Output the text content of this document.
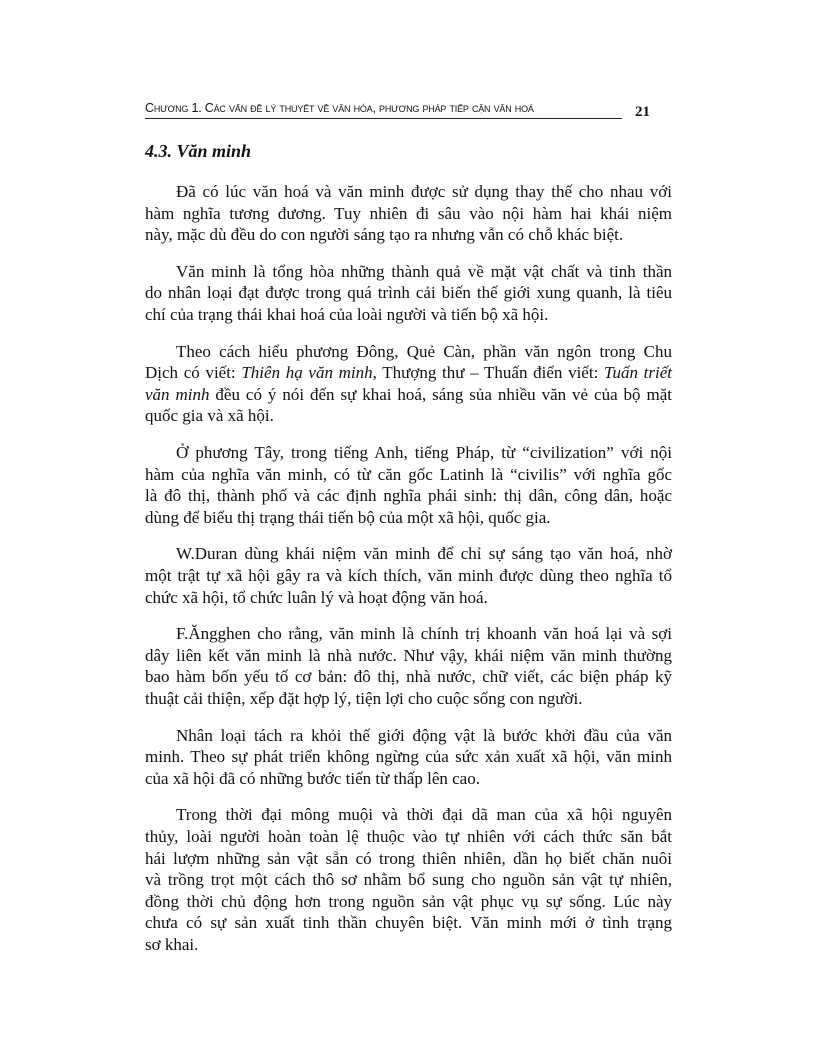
Chương 1. Các vấn đề lý thuyết về văn hóa, phương pháp tiếp cận văn hoá	21
4.3. Văn minh
Đã có lúc văn hoá và văn minh được sử dụng thay thế cho nhau với
hàm nghĩa tương đương. Tuy nhiên đi sâu vào nội hàm hai khái niệm
này, mặc dù đều do con người sáng tạo ra nhưng vẫn có chỗ khác biệt.
Văn minh là tổng hòa những thành quả về mặt vật chất và tinh thần
do nhân loại đạt được trong quá trình cải biến thế giới xung quanh, là tiêu
chí của trạng thái khai hoá của loài người và tiến bộ xã hội.
Theo cách hiểu phương Đông, Quẻ Càn, phần văn ngôn trong Chu
Dịch có viết: Thiên hạ văn minh, Thượng thư – Thuấn điển viết: Tuấn triết
văn minh đều có ý nói đến sự khai hoá, sáng sủa nhiều văn vẻ của bộ mặt
quốc gia và xã hội.
Ở phương Tây, trong tiếng Anh, tiếng Pháp, từ “civilization” với nội
hàm của nghĩa văn minh, có từ căn gốc Latinh là “civilis” với nghĩa gốc
là đô thị, thành phố và các định nghĩa phái sinh: thị dân, công dân, hoặc
dùng để biểu thị trạng thái tiến bộ của một xã hội, quốc gia.
W.Duran dùng khái niệm văn minh để chỉ sự sáng tạo văn hoá, nhờ
một trật tự xã hội gây ra và kích thích, văn minh được dùng theo nghĩa tổ
chức xã hội, tổ chức luân lý và hoạt động văn hoá.
F.Ăngghen cho rằng, văn minh là chính trị khoanh văn hoá lại và sợi
dây liên kết văn minh là nhà nước. Như vậy, khái niệm văn minh thường
bao hàm bốn yếu tố cơ bản: đô thị, nhà nước, chữ viết, các biện pháp kỹ
thuật cải thiện, xếp đặt hợp lý, tiện lợi cho cuộc sống con người.
Nhân loại tách ra khỏi thế giới động vật là bước khởi đầu của văn
minh. Theo sự phát triển không ngừng của sức xản xuất xã hội, văn minh
của xã hội đã có những bước tiến từ thấp lên cao.
Trong thời đại mông muội và thời đại dã man của xã hội nguyên
thủy, loài người hoàn toàn lệ thuộc vào tự nhiên với cách thức săn bắt
hái lượm những sản vật sẵn có trong thiên nhiên, dần họ biết chăn nuôi
và trồng trọt một cách thô sơ nhằm bổ sung cho nguồn sản vật tự nhiên,
đồng thời chủ động hơn trong nguồn sản vật phục vụ sự sống. Lúc này
chưa có sự sản xuất tinh thần chuyên biệt. Văn minh mới ở tình trạng
sơ khai.
